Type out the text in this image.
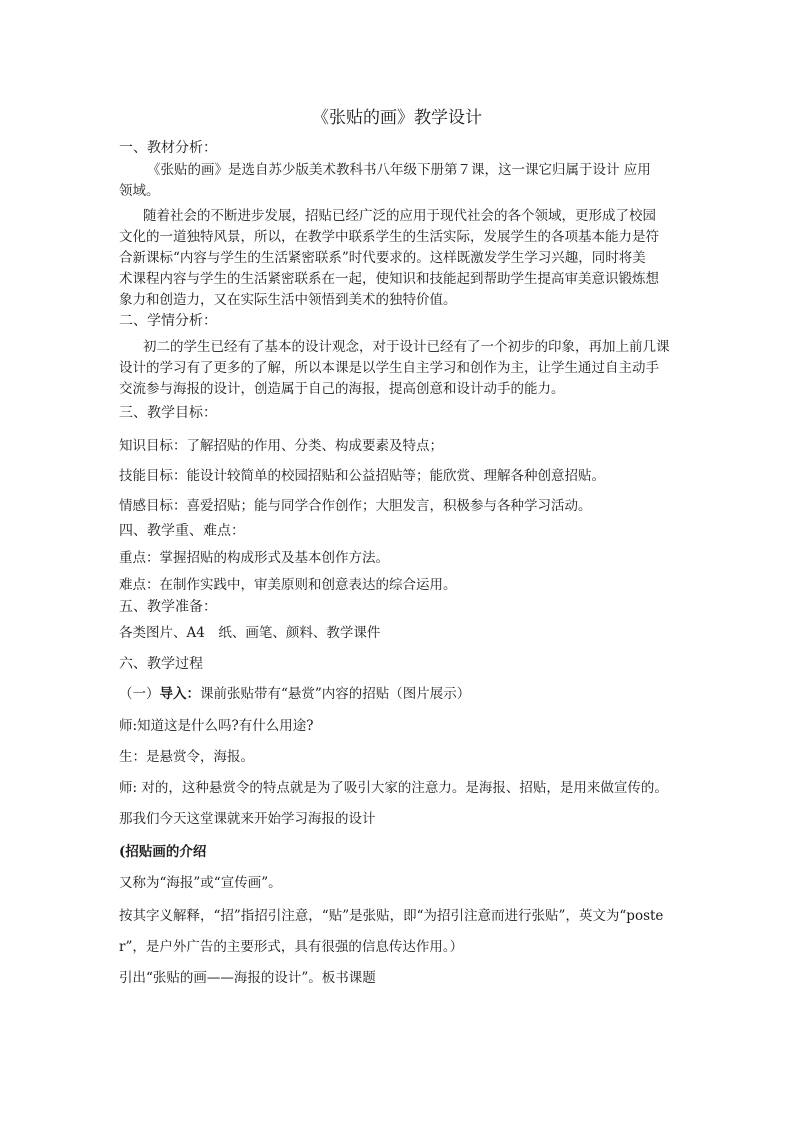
《张贴的画》教学设计
一、教材分析：
《张贴的画》是选自苏少版美术教科书八年级下册第７课，这一课它归属于设计 应用
领域。
随着社会的不断进步发展，招贴已经广泛的应用于现代社会的各个领域，更形成了校园
文化的一道独特风景，所以，在教学中联系学生的生活实际，发展学生的各项基本能力是符
合新课标“内容与学生的生活紧密联系”时代要求的。这样既激发学生学习兴趣，同时将美
术课程内容与学生的生活紧密联系在一起，使知识和技能起到帮助学生提高审美意识锻炼想
象力和创造力，又在实际生活中领悟到美术的独特价值。
二、学情分析：
初二的学生已经有了基本的设计观念，对于设计已经有了一个初步的印象，再加上前几课
设计的学习有了更多的了解，所以本课是以学生自主学习和创作为主，让学生通过自主动手
交流参与海报的设计，创造属于自己的海报，提高创意和设计动手的能力。
三、教学目标：
知识目标：了解招贴的作用、分类、构成要素及特点；
技能目标：能设计较简单的校园招贴和公益招贴等；能欣赏、理解各种创意招贴。
情感目标：喜爱招贴；能与同学合作创作；大胆发言，积极参与各种学习活动。
四、教学重、难点：
重点：掌握招贴的构成形式及基本创作方法。
难点：在制作实践中，审美原则和创意表达的综合运用。
五、教学准备：
各类图片、A4　纸、画笔、颜料、教学课件
六、教学过程
（一）导入：课前张贴带有“悬赏”内容的招贴（图片展示）
师:知道这是什么吗?有什么用途?
生：是悬赏令，海报。
师: 对的，这种悬赏令的特点就是为了吸引大家的注意力。是海报、招贴，是用来做宣传的。
那我们今天这堂课就来开始学习海报的设计
(招贴画的介绍
又称为“海报”或“宣传画”。
按其字义解释，“招”指招引注意，“贴”是张贴，即“为招引注意而进行张贴”，英文为“poste
r”，是户外广告的主要形式，具有很强的信息传达作用。）
引出“张贴的画——海报的设计”。板书课题
